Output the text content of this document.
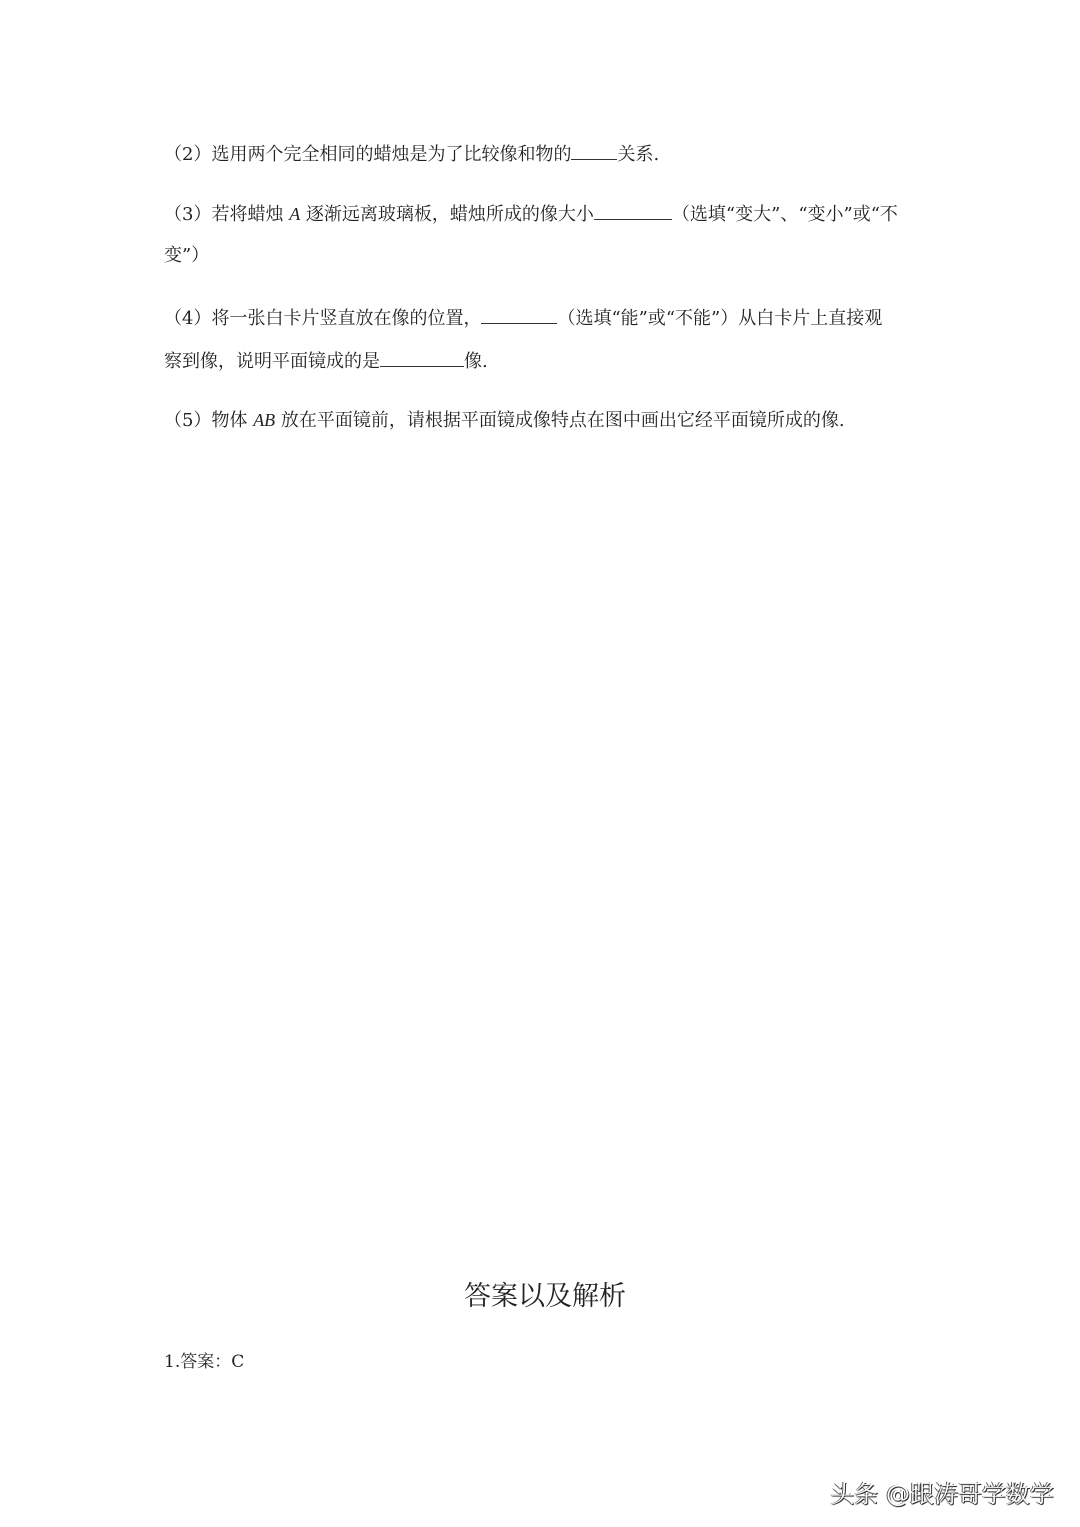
（2）选用两个完全相同的蜡烛是为了比较像和物的	关系.
（3）若将蜡烛 A 逐渐远离玻璃板，蜡烛所成的像大小	（选填“变大”、“变小”或“不
变”）
（4）将一张白卡片竖直放在像的位置，	（选填“能”或“不能”）从白卡片上直接观
察到像，说明平面镜成的是	像.
（5）物体 AB 放在平面镜前，请根据平面镜成像特点在图中画出它经平面镜所成的像.
答案以及解析
1.答案：C
头条 @跟涛哥学数学
